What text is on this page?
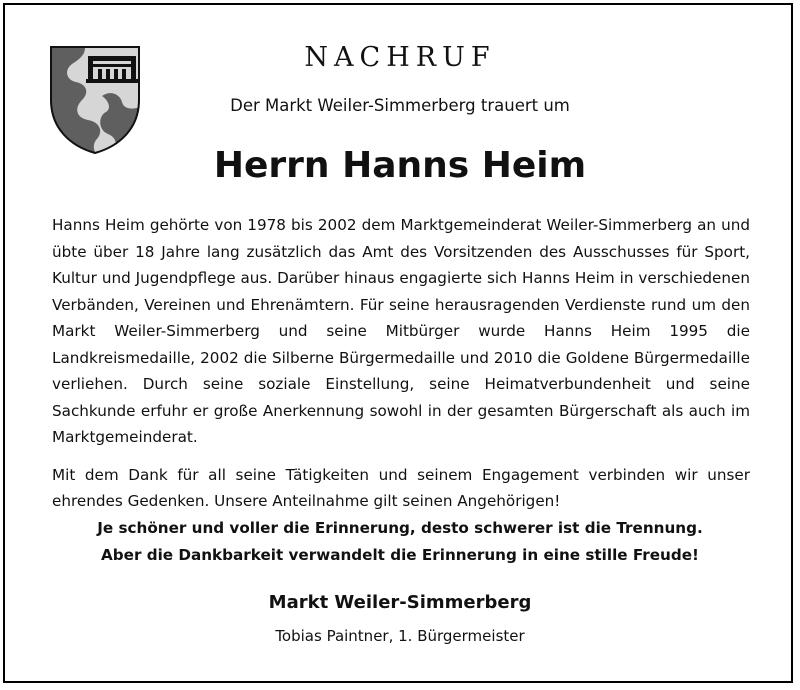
NACHRUF
Der Markt Weiler-Simmerberg trauert um
Herrn Hanns Heim

Hanns Heim gehörte von 1978 bis 2002 dem Marktgemeinderat Weiler-Simmerberg an und übte über 18 Jahre lang zusätzlich das Amt des Vorsitzenden des Ausschusses für Sport, Kultur und Jugendpflege aus. Darüber hinaus engagierte sich Hanns Heim in verschiedenen Verbänden, Vereinen und Ehrenämtern. Für seine herausragenden Verdienste rund um den Markt Weiler-Simmerberg und seine Mitbürger wurde Hanns Heim 1995 die Landkreismedaille, 2002 die Silberne Bürgermedaille und 2010 die Goldene Bürgermedaille verliehen. Durch seine soziale Einstellung, seine Heimatverbundenheit und seine Sachkunde erfuhr er große Anerkennung sowohl in der gesamten Bürgerschaft als auch im Marktgemeinderat.

Mit dem Dank für all seine Tätigkeiten und seinem Engagement verbinden wir unser ehrendes Gedenken. Unsere Anteilnahme gilt seinen Angehörigen!

Je schöner und voller die Erinnerung, desto schwerer ist die Trennung.
Aber die Dankbarkeit verwandelt die Erinnerung in eine stille Freude!
Markt Weiler-Simmerberg
Tobias Paintner, 1. Bürgermeister
